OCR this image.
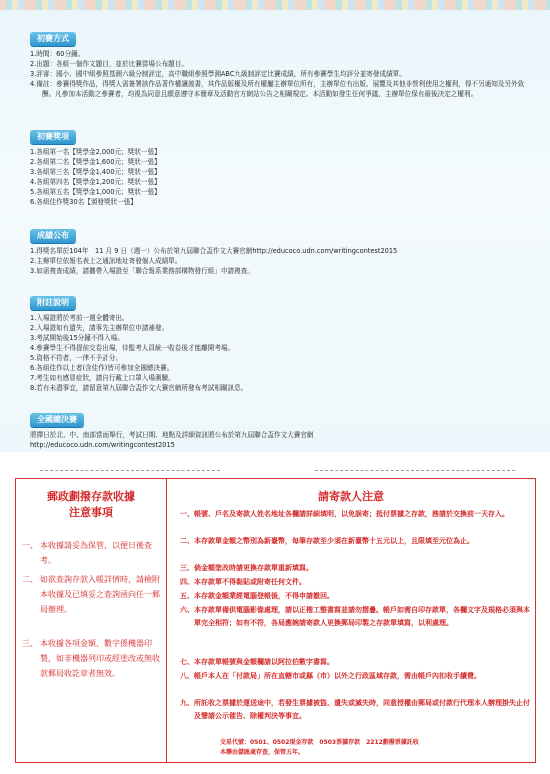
初賽方式
1.時間：60分鐘。
2.出題：各組一個作文題目，並於比賽當場公布題目。
3.評審：國小、國中組參照基測六級分制評定，高中職組參照學測ABC九級制評定比賽成績，所有參賽學生均評分並寄發成績單。
4.備註：參賽得獎作品，得獎人需簽署該作品著作權讓渡書，其作品版權及所有權屬主辦單位所有，主辦單位有出版、展覽及其他非營利使用之權利，得不另通知及另外致酬。凡參加本活動之參賽者，均視為同意且願意遵守本簡章及活動官方網站公告之相關規定。本活動如發生任何爭議，主辦單位保有最後決定之權利。
初賽獎項
1.各組第一名【獎學金2,000元；獎狀一張】
2.各組第二名【獎學金1,600元；獎狀一張】
3.各組第三名【獎學金1,400元；獎狀一張】
4.各組第四名【獎學金1,200元；獎狀一張】
5.各組第五名【獎學金1,000元；獎狀一張】
6.各組佳作獎30名【頒發獎狀一張】
成績公布
1.得獎名單於104年　11 月 9 日（週一）公布於第九屆聯合盃作文大賽官網http://educoco.udn.com/writingcontest2015
2.主辦單位依報名表上之通訊地址寄發個人成績單。
3.如需複查成績，請攜帶入場證至「聯合報系業務部構物發行組」申請複查。
附註說明
1.入場證將於考前一週全體寄出。
2.入場證如有遺失，請事先主辦單位申請補發。
3.考試開始後15分鐘不得入場。
4.參賽學生不得提前交卷出場，待監考人員統一收卷後才能離開考場。
5.資格不符者，一律不予計分。
6.各組佳作以上者(含佳作)皆可參加全國總決賽。
7.考生如有感冒症狀，請自行戴上口罩入場測驗。
8.若有未盡事宜，請留意第九屆聯合盃作文大賽官網所發布考試相關訊息。
全國總決賽
將擇日於北、中、南部當面舉行，考試日期、地點及詳細資訊將公布於第九屆聯合盃作文大賽官網
http://educoco.udn.com/writingcontest2015
郵政劃撥存款收據
注意事項
一、 本收據請妥為保管，以便日後查考。
二、 如欲查詢存款入帳詳情時，請檢附本收據及已填妥之查詢函向任一郵局辦理。
三、 本收據各項金額、數字係機器印製，如非機器列印或經塗改或無收款郵局收訖章者無效。
請寄款人注意
一、 帳號、戶名及寄款人姓名地址各欄請詳細填明，以免誤寄；抵付票據之存款，務請於交換前一天存入。
二、 本存款單金額之幣別為新臺幣，每筆存款至少須在新臺幣十五元以上，且限填至元位為止。
三、 倘金額塗改時請更換存款單重新填寫。
四、 本存款單不得黏貼或附寄任何文件。
五、 本存款金額業經電腦登帳後，不得申請撤回。
六、 本存款單備供電腦影像處理，請以正楷工整書寫並請勿摺疊。帳戶如需自印存款單，各欄文字及規格必須與本單完全相符；如有不符，各局應婉請寄款人更換郵局印製之存款單填寫，以利處理。
七、 本存款單帳號與金額欄請以阿拉伯數字書寫。
八、 帳戶本人在「付款局」所在直轄市或縣（市）以外之行政區域存款，需由帳戶內扣收手續費。
九、 所託收之票據於運送途中，若發生票據被盜、遺失或滅失時，同意授權由郵局或付款行代理本人辦理掛失止付及聲請公示催告、除權判決等事宜。
交易代號：0501、0502現金存款　0503票據存款　2212劃撥票據託收
本聯由儲匯處存查，保管五年。
